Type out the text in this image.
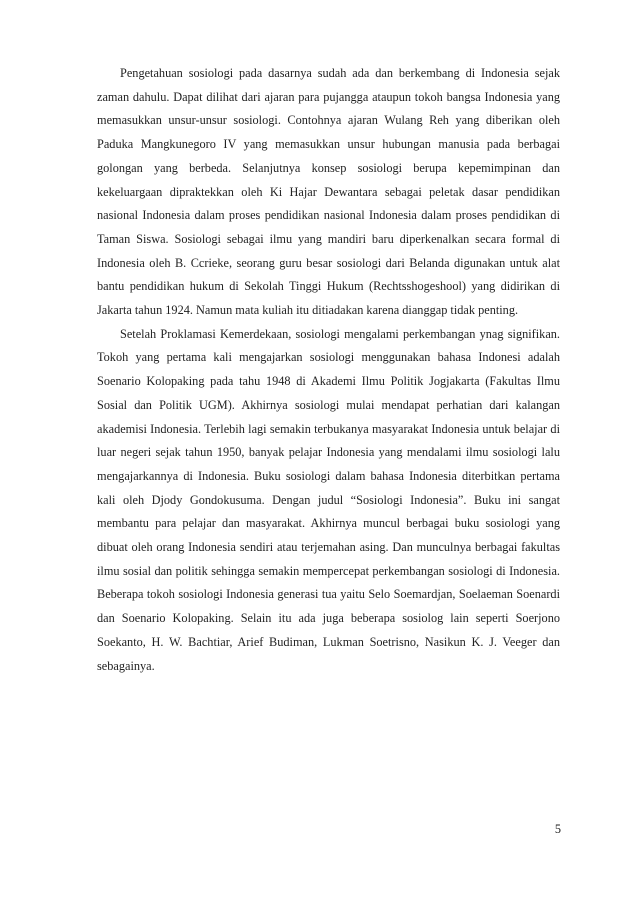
Pengetahuan sosiologi pada dasarnya sudah ada dan berkembang di Indonesia sejak zaman dahulu. Dapat dilihat dari ajaran para pujangga ataupun tokoh bangsa Indonesia yang memasukkan unsur-unsur sosiologi. Contohnya ajaran Wulang Reh yang diberikan oleh Paduka Mangkunegoro IV yang memasukkan unsur hubungan manusia pada berbagai golongan yang berbeda. Selanjutnya konsep sosiologi berupa kepemimpinan dan kekeluargaan dipraktekkan oleh Ki Hajar Dewantara sebagai peletak dasar pendidikan nasional Indonesia dalam proses pendidikan nasional Indonesia dalam proses pendidikan di Taman Siswa. Sosiologi sebagai ilmu yang mandiri baru diperkenalkan secara formal di Indonesia oleh B. Ccrieke, seorang guru besar sosiologi dari Belanda digunakan untuk alat bantu pendidikan hukum di Sekolah Tinggi Hukum (Rechtsshogeshool) yang didirikan di Jakarta tahun 1924. Namun mata kuliah itu ditiadakan karena dianggap tidak penting.

Setelah Proklamasi Kemerdekaan, sosiologi mengalami perkembangan ynag signifikan. Tokoh yang pertama kali mengajarkan sosiologi menggunakan bahasa Indonesi adalah Soenario Kolopaking pada tahu 1948 di Akademi Ilmu Politik Jogjakarta (Fakultas Ilmu Sosial dan Politik UGM). Akhirnya sosiologi mulai mendapat perhatian dari kalangan akademisi Indonesia. Terlebih lagi semakin terbukanya masyarakat Indonesia untuk belajar di luar negeri sejak tahun 1950, banyak pelajar Indonesia yang mendalami ilmu sosiologi lalu mengajarkannya di Indonesia. Buku sosiologi dalam bahasa Indonesia diterbitkan pertama kali oleh Djody Gondokusuma. Dengan judul “Sosiologi Indonesia”. Buku ini sangat membantu para pelajar dan masyarakat. Akhirnya muncul berbagai buku sosiologi yang dibuat oleh orang Indonesia sendiri atau terjemahan asing. Dan munculnya berbagai fakultas ilmu sosial dan politik sehingga semakin mempercepat perkembangan sosiologi di Indonesia. Beberapa tokoh sosiologi Indonesia generasi tua yaitu Selo Soemardjan, Soelaeman Soenardi dan Soenario Kolopaking. Selain itu ada juga beberapa sosiolog lain seperti Soerjono Soekanto, H. W. Bachtiar, Arief Budiman, Lukman Soetrisno, Nasikun K. J. Veeger dan sebagainya.

5
